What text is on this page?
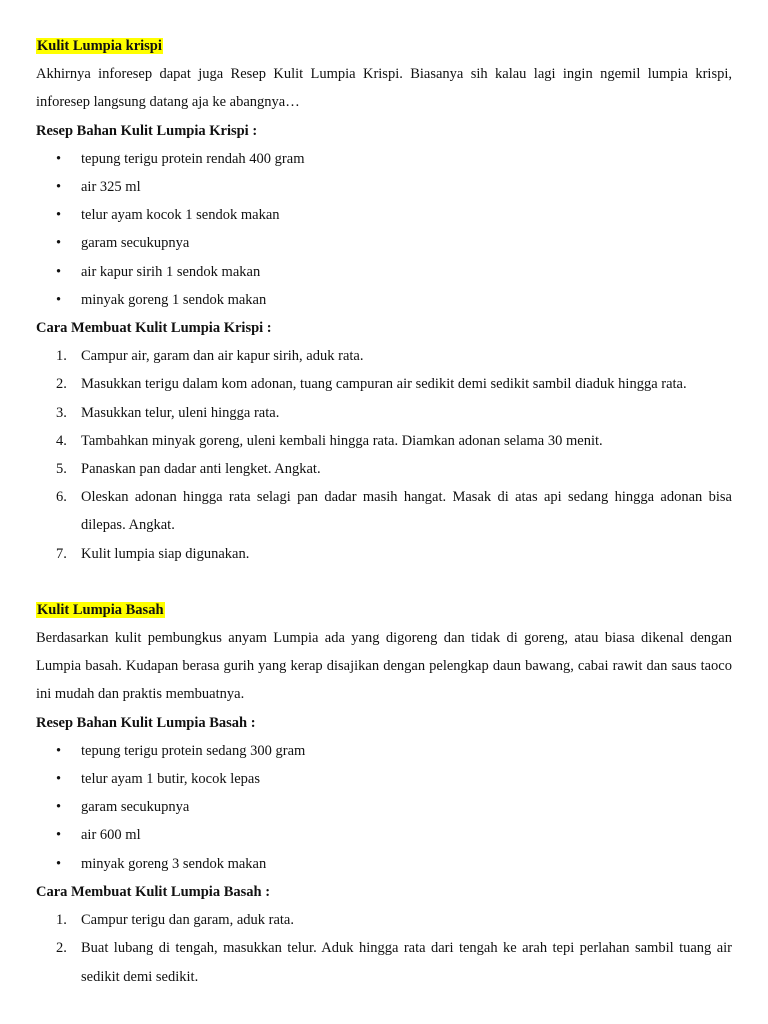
Kulit Lumpia krispi

Akhirnya inforesep dapat juga Resep Kulit Lumpia Krispi. Biasanya sih kalau lagi ingin ngemil lumpia krispi, inforesep langsung datang aja ke abangnya…

Resep Bahan Kulit Lumpia Krispi :
• tepung terigu protein rendah 400 gram
• air 325 ml
• telur ayam kocok 1 sendok makan
• garam secukupnya
• air kapur sirih 1 sendok makan
• minyak goreng 1 sendok makan
Cara Membuat Kulit Lumpia Krispi :
1. Campur air, garam dan air kapur sirih, aduk rata.
2. Masukkan terigu dalam kom adonan, tuang campuran air sedikit demi sedikit sambil diaduk hingga rata.
3. Masukkan telur, uleni hingga rata.
4. Tambahkan minyak goreng, uleni kembali hingga rata. Diamkan adonan selama 30 menit.
5. Panaskan pan dadar anti lengket. Angkat.
6. Oleskan adonan hingga rata selagi pan dadar masih hangat. Masak di atas api sedang hingga adonan bisa dilepas. Angkat.
7. Kulit lumpia siap digunakan.
Kulit Lumpia Basah

Berdasarkan kulit pembungkus anyam Lumpia ada yang digoreng dan tidak di goreng, atau biasa dikenal dengan Lumpia basah. Kudapan berasa gurih yang kerap disajikan dengan pelengkap daun bawang, cabai rawit dan saus taoco ini mudah dan praktis membuatnya.

Resep Bahan Kulit Lumpia Basah :
• tepung terigu protein sedang 300 gram
• telur ayam 1 butir, kocok lepas
• garam secukupnya
• air 600 ml
• minyak goreng 3 sendok makan
Cara Membuat Kulit Lumpia Basah :
1. Campur terigu dan garam, aduk rata.
2. Buat lubang di tengah, masukkan telur. Aduk hingga rata dari tengah ke arah tepi perlahan sambil tuang air sedikit demi sedikit.
